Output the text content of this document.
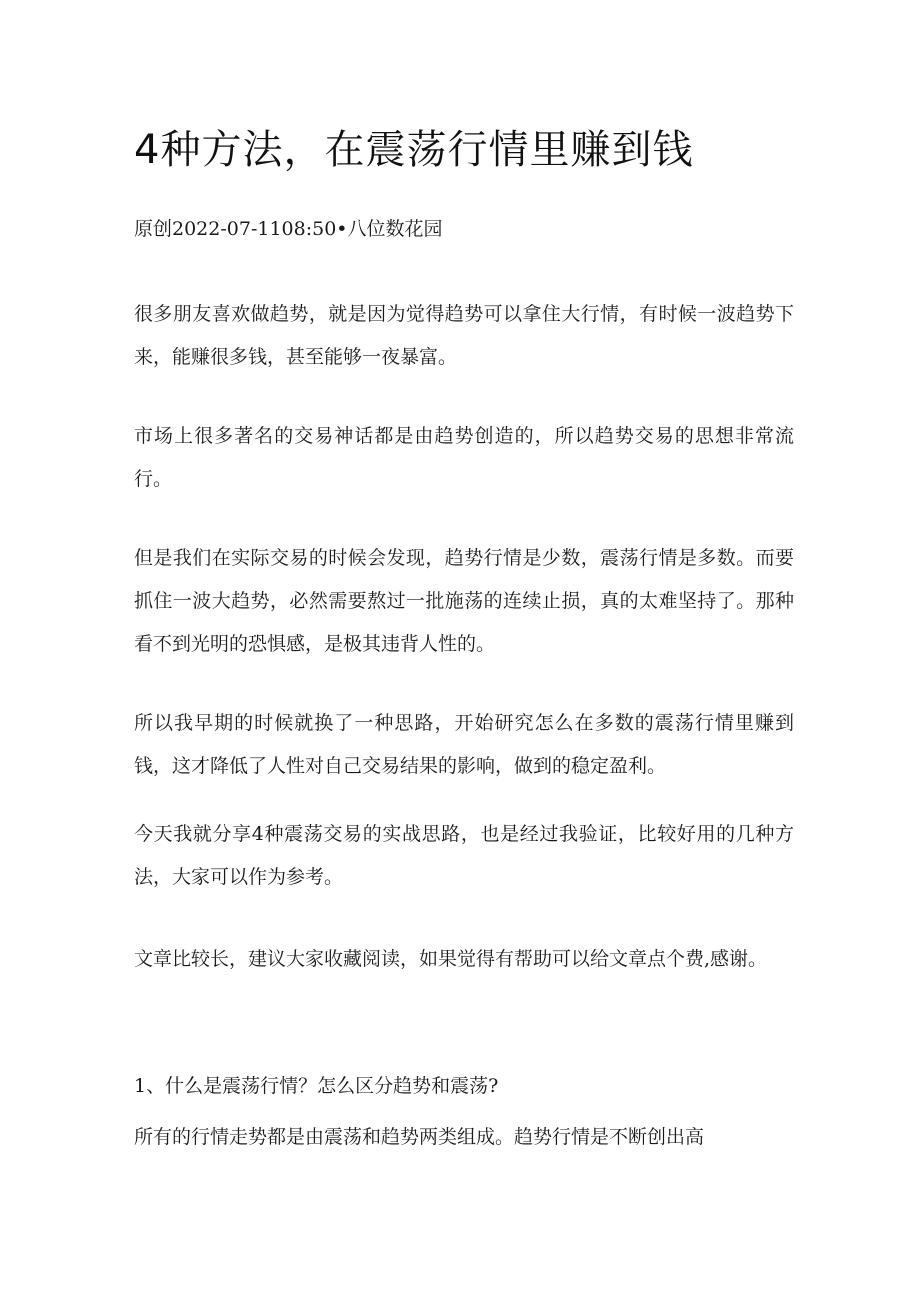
4种方法，在震荡行情里赚到钱
原创2022-07-1108:50•八位数花园

很多朋友喜欢做趋势，就是因为觉得趋势可以拿住大行情，有时候一波趋势下来，能赚很多钱，甚至能够一夜暴富。

市场上很多著名的交易神话都是由趋势创造的，所以趋势交易的思想非常流行。

但是我们在实际交易的时候会发现，趋势行情是少数，震荡行情是多数。而要抓住一波大趋势，必然需要熬过一批施荡的连续止损，真的太难坚持了。那种看不到光明的恐惧感，是极其违背人性的。

所以我早期的时候就换了一种思路，开始研究怎么在多数的震荡行情里赚到钱，这才降低了人性对自己交易结果的影响，做到的稳定盈利。

今天我就分享4种震荡交易的实战思路，也是经过我验证，比较好用的几种方法，大家可以作为参考。

文章比较长，建议大家收藏阅读，如果觉得有帮助可以给文章点个费,感谢。

1、什么是震荡行情？怎么区分趋势和震荡?

所有的行情走势都是由震荡和趋势两类组成。趋势行情是不断创出高
